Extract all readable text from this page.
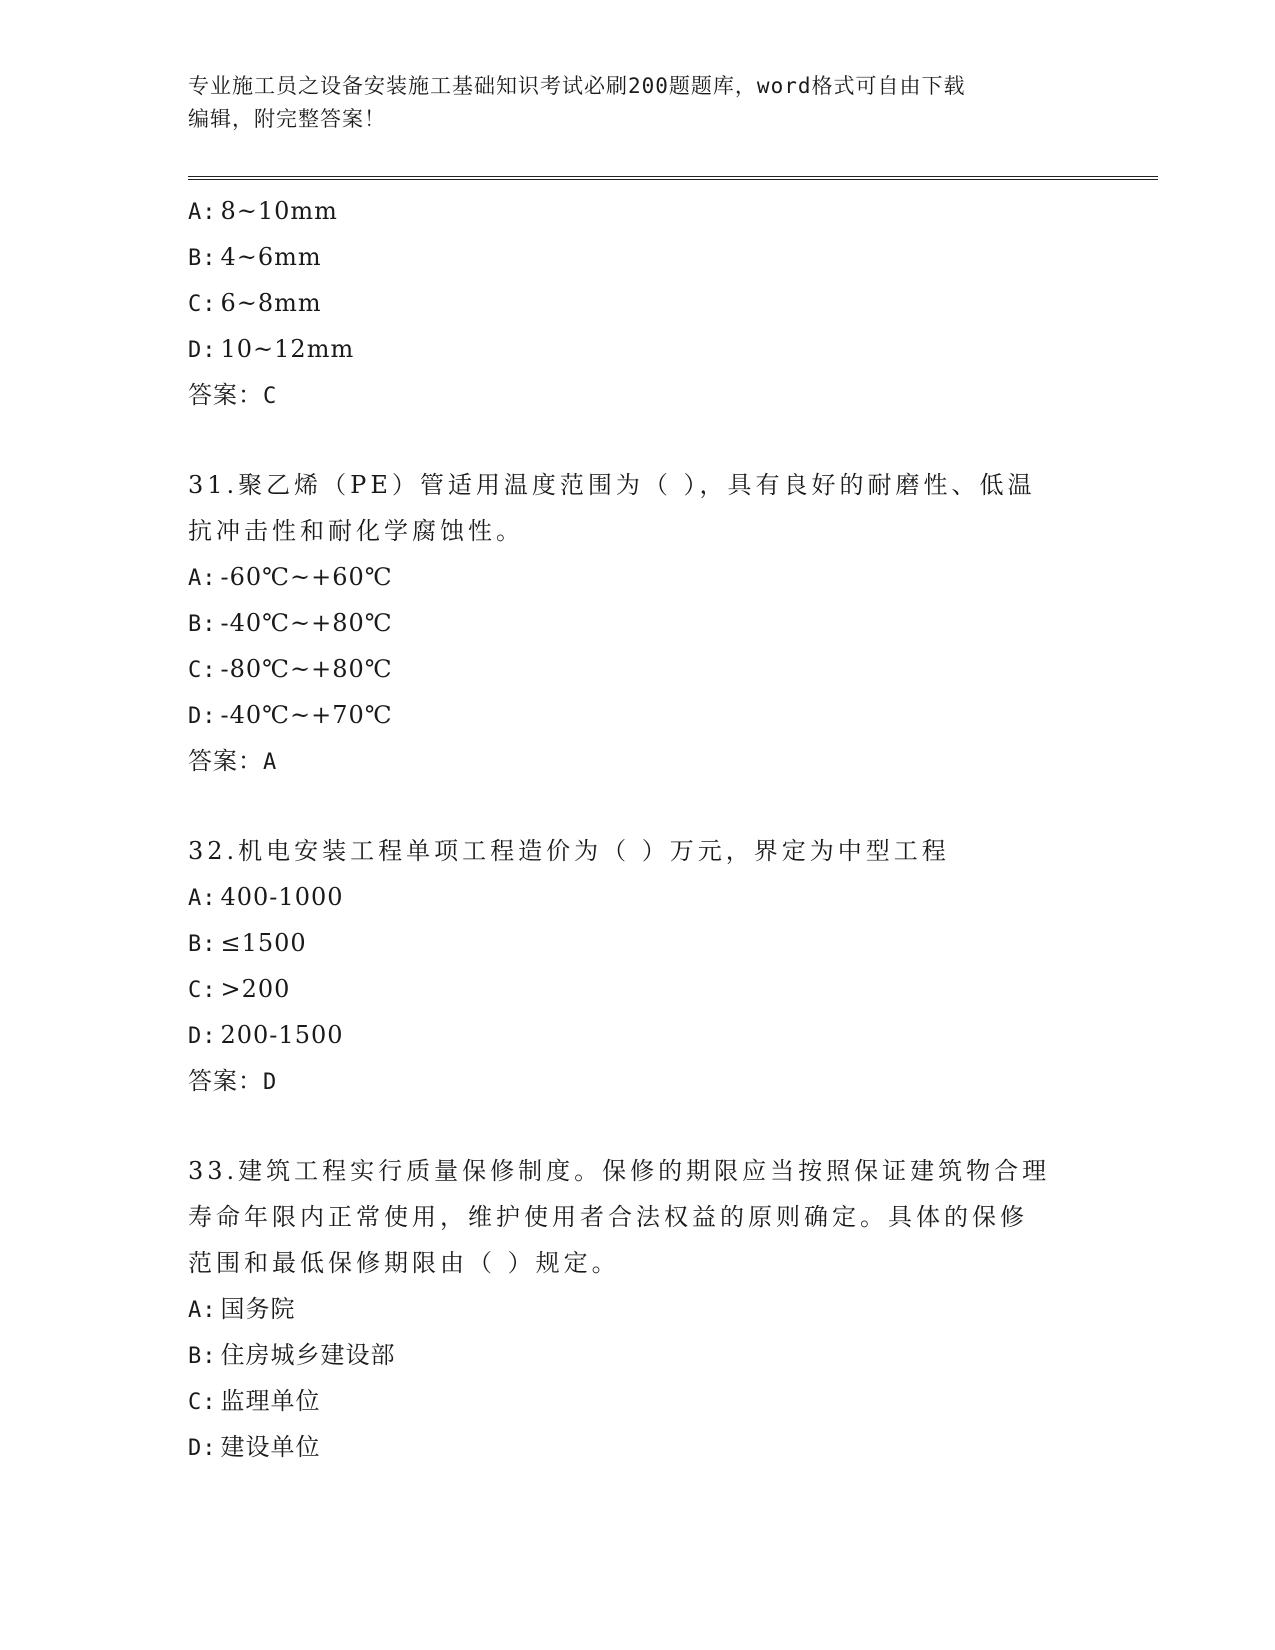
专业施工员之设备安装施工基础知识考试必刷200题题库，word格式可自由下载
编辑，附完整答案！
A: 8~10mm
B: 4~6mm
C: 6~8mm
D: 10~12mm
答案：C
31.聚乙烯（PE）管适用温度范围为（ ），具有良好的耐磨性、低温
抗冲击性和耐化学腐蚀性。
A: -60℃~+60℃
B: -40℃~+80℃
C: -80℃~+80℃
D: -40℃~+70℃
答案：A
32.机电安装工程单项工程造价为（ ）万元，界定为中型工程
A: 400-1000
B: ≤1500
C: >200
D: 200-1500
答案：D
33.建筑工程实行质量保修制度。保修的期限应当按照保证建筑物合理
寿命年限内正常使用，维护使用者合法权益的原则确定。具体的保修
范围和最低保修期限由（ ）规定。
A: 国务院
B: 住房城乡建设部
C: 监理单位
D: 建设单位
